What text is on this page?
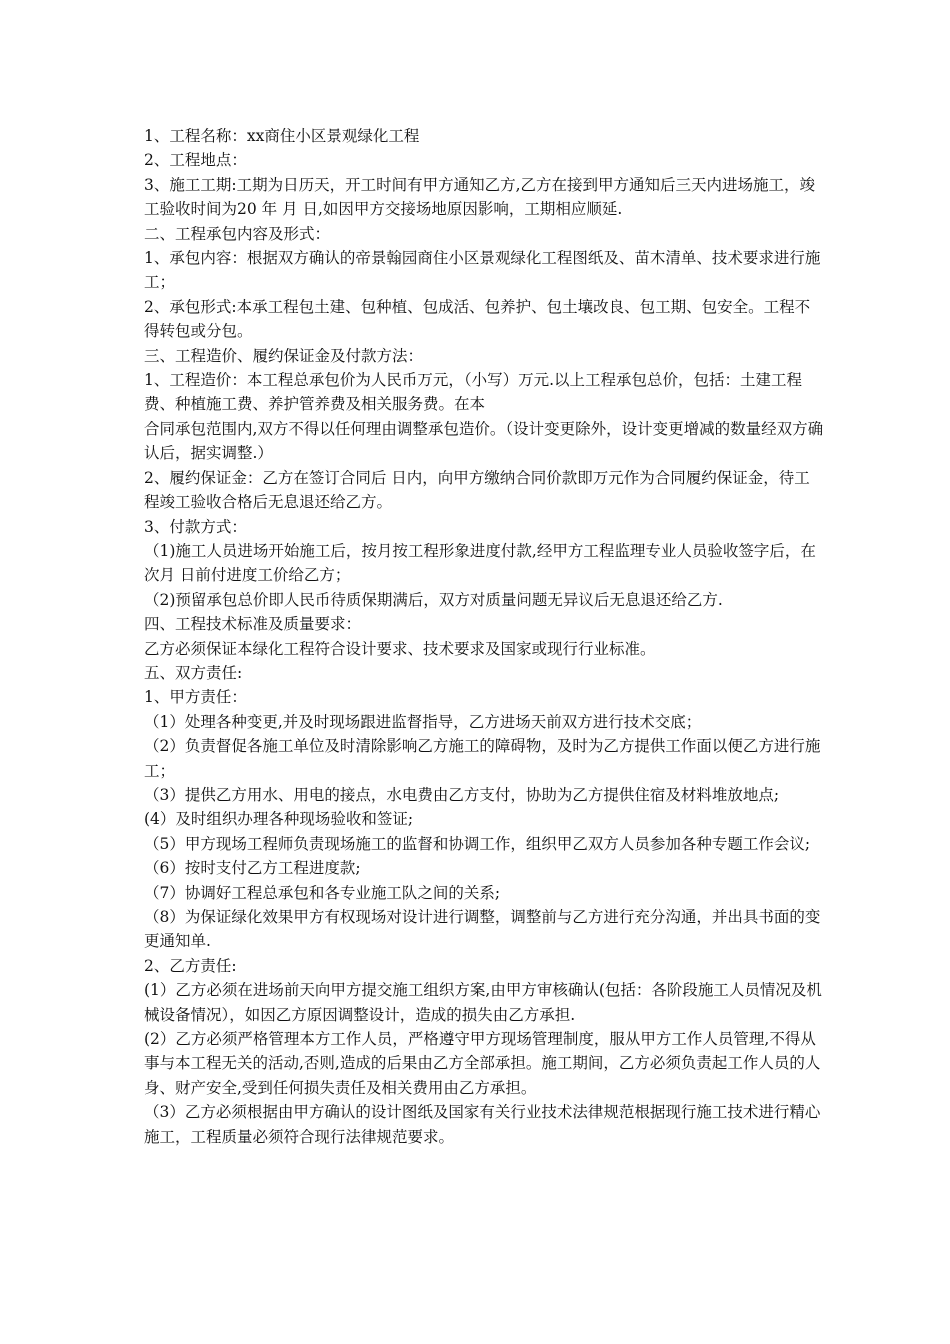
1、工程名称：xx商住小区景观绿化工程

2、工程地点：

3、施工工期:工期为日历天，开工时间有甲方通知乙方,乙方在接到甲方通知后三天内进场施工，竣工验收时间为20 年 月 日,如因甲方交接场地原因影响，工期相应顺延.

二、工程承包内容及形式：

1、承包内容：根据双方确认的帝景翰园商住小区景观绿化工程图纸及、苗木清单、技术要求进行施工；

2、承包形式:本承工程包土建、包种植、包成活、包养护、包土壤改良、包工期、包安全。工程不得转包或分包。

三、工程造价、履约保证金及付款方法：

1、工程造价：本工程总承包价为人民币万元，（小写）万元.以上工程承包总价，包括：土建工程费、种植施工费、养护管养费及相关服务费。在本

合同承包范围内,双方不得以任何理由调整承包造价。（设计变更除外，设计变更增减的数量经双方确认后，据实调整.）

2、履约保证金：乙方在签订合同后 日内，向甲方缴纳合同价款即万元作为合同履约保证金，待工程竣工验收合格后无息退还给乙方。

3、付款方式：

（1)施工人员进场开始施工后，按月按工程形象进度付款,经甲方工程监理专业人员验收签字后，在次月 日前付进度工价给乙方；

（2)预留承包总价即人民币待质保期满后，双方对质量问题无异议后无息退还给乙方.

四、工程技术标准及质量要求：

乙方必须保证本绿化工程符合设计要求、技术要求及国家或现行行业标准。

五、双方责任:

1、甲方责任：

（1）处理各种变更,并及时现场跟进监督指导，乙方进场天前双方进行技术交底；

（2）负责督促各施工单位及时清除影响乙方施工的障碍物，及时为乙方提供工作面以便乙方进行施工；

（3）提供乙方用水、用电的接点，水电费由乙方支付，协助为乙方提供住宿及材料堆放地点;

(4）及时组织办理各种现场验收和签证;

（5）甲方现场工程师负责现场施工的监督和协调工作，组织甲乙双方人员参加各种专题工作会议;

（6）按时支付乙方工程进度款;

（7）协调好工程总承包和各专业施工队之间的关系;

（8）为保证绿化效果甲方有权现场对设计进行调整，调整前与乙方进行充分沟通，并出具书面的变更通知单.

2、乙方责任:

(1）乙方必须在进场前天向甲方提交施工组织方案,由甲方审核确认(包括：各阶段施工人员情况及机械设备情况），如因乙方原因调整设计，造成的损失由乙方承担.

(2）乙方必须严格管理本方工作人员，严格遵守甲方现场管理制度，服从甲方工作人员管理,不得从事与本工程无关的活动,否则,造成的后果由乙方全部承担。施工期间，乙方必须负责起工作人员的人身、财产安全,受到任何损失责任及相关费用由乙方承担。

（3）乙方必须根据由甲方确认的设计图纸及国家有关行业技术法律规范根据现行施工技术进行精心施工，工程质量必须符合现行法律规范要求。
